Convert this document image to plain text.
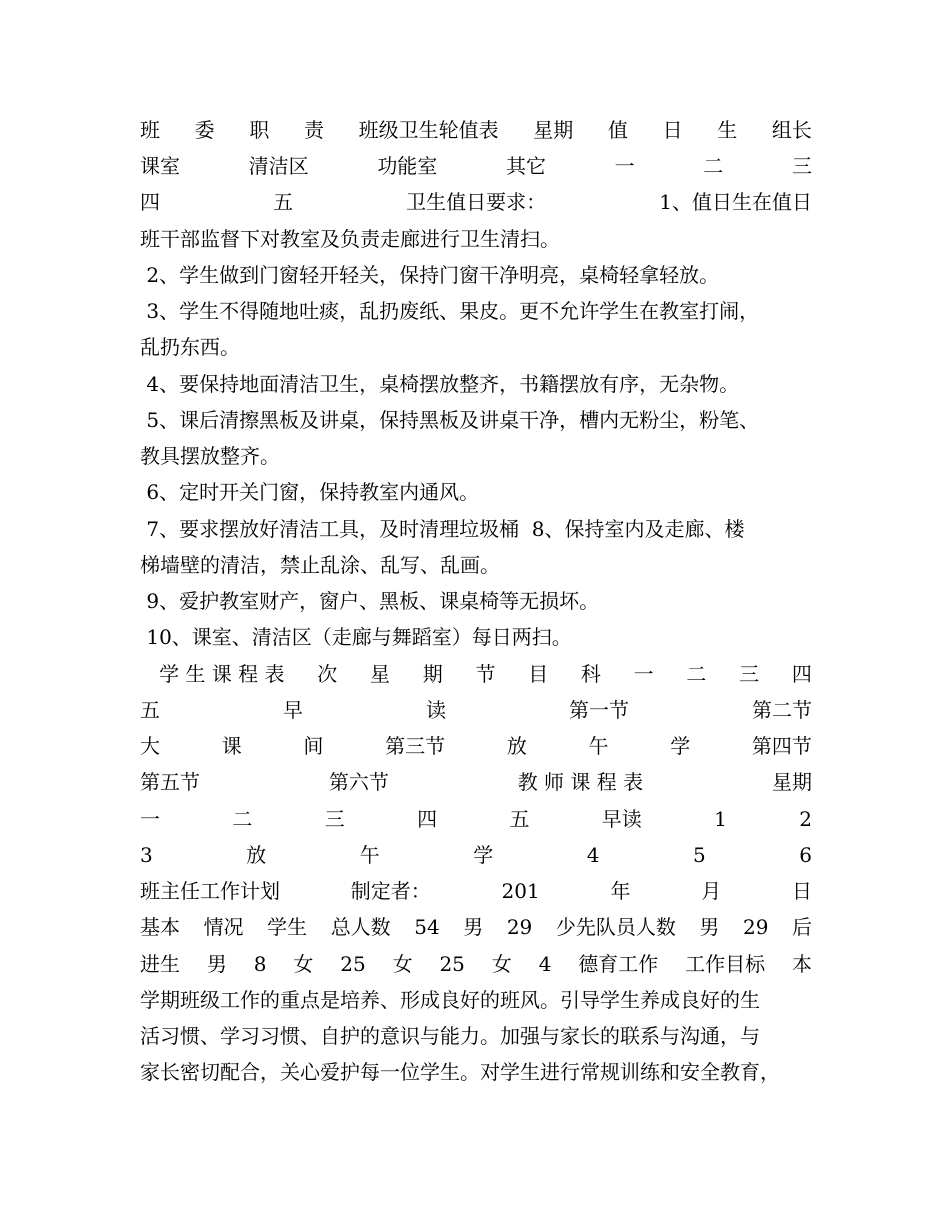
班 委 职 责 班级卫生轮值表 星期 值 日 生 组长
课室	清洁区	功能室	其它	一	二	三
四	五	卫生值日要求：	1、值日生在值日
班干部监督下对教室及负责走廊进行卫生清扫。
2、学生做到门窗轻开轻关，保持门窗干净明亮，桌椅轻拿轻放。
3、学生不得随地吐痰，乱扔废纸、果皮。更不允许学生在教室打闹，
乱扔东西。
4、要保持地面清洁卫生，桌椅摆放整齐，书籍摆放有序，无杂物。
5、课后清擦黑板及讲桌，保持黑板及讲桌干净，槽内无粉尘，粉笔、
教具摆放整齐。
6、定时开关门窗，保持教室内通风。
7、要求摆放好清洁工具，及时清理垃圾桶  8、保持室内及走廊、楼
梯墙壁的清洁，禁止乱涂、乱写、乱画。
9、爱护教室财产，窗户、黑板、课桌椅等无损坏。
10、课室、清洁区（走廊与舞蹈室）每日两扫。
学 生 课 程 表 次 星 期 节 目 科 一 二 三 四
五	早	读	第一节	第二节
大	课	间	第三节	放	午	学	第四节
第五节	第六节	教 师 课 程 表	星期
一	二	三	四	五	早读	1	2
3	放	午	学	4	5	6
班主任工作计划	制定者：	201	年	月	日
基本 情况 学生 总人数 54 男 29 少先队员人数 男 29 后
进生 男 8 女 25 女 25 女 4 德育工作 工作目标 本
学期班级工作的重点是培养、形成良好的班风。引导学生养成良好的生
活习惯、学习习惯、自护的意识与能力。加强与家长的联系与沟通，与
家长密切配合，关心爱护每一位学生。对学生进行常规训练和安全教育，
